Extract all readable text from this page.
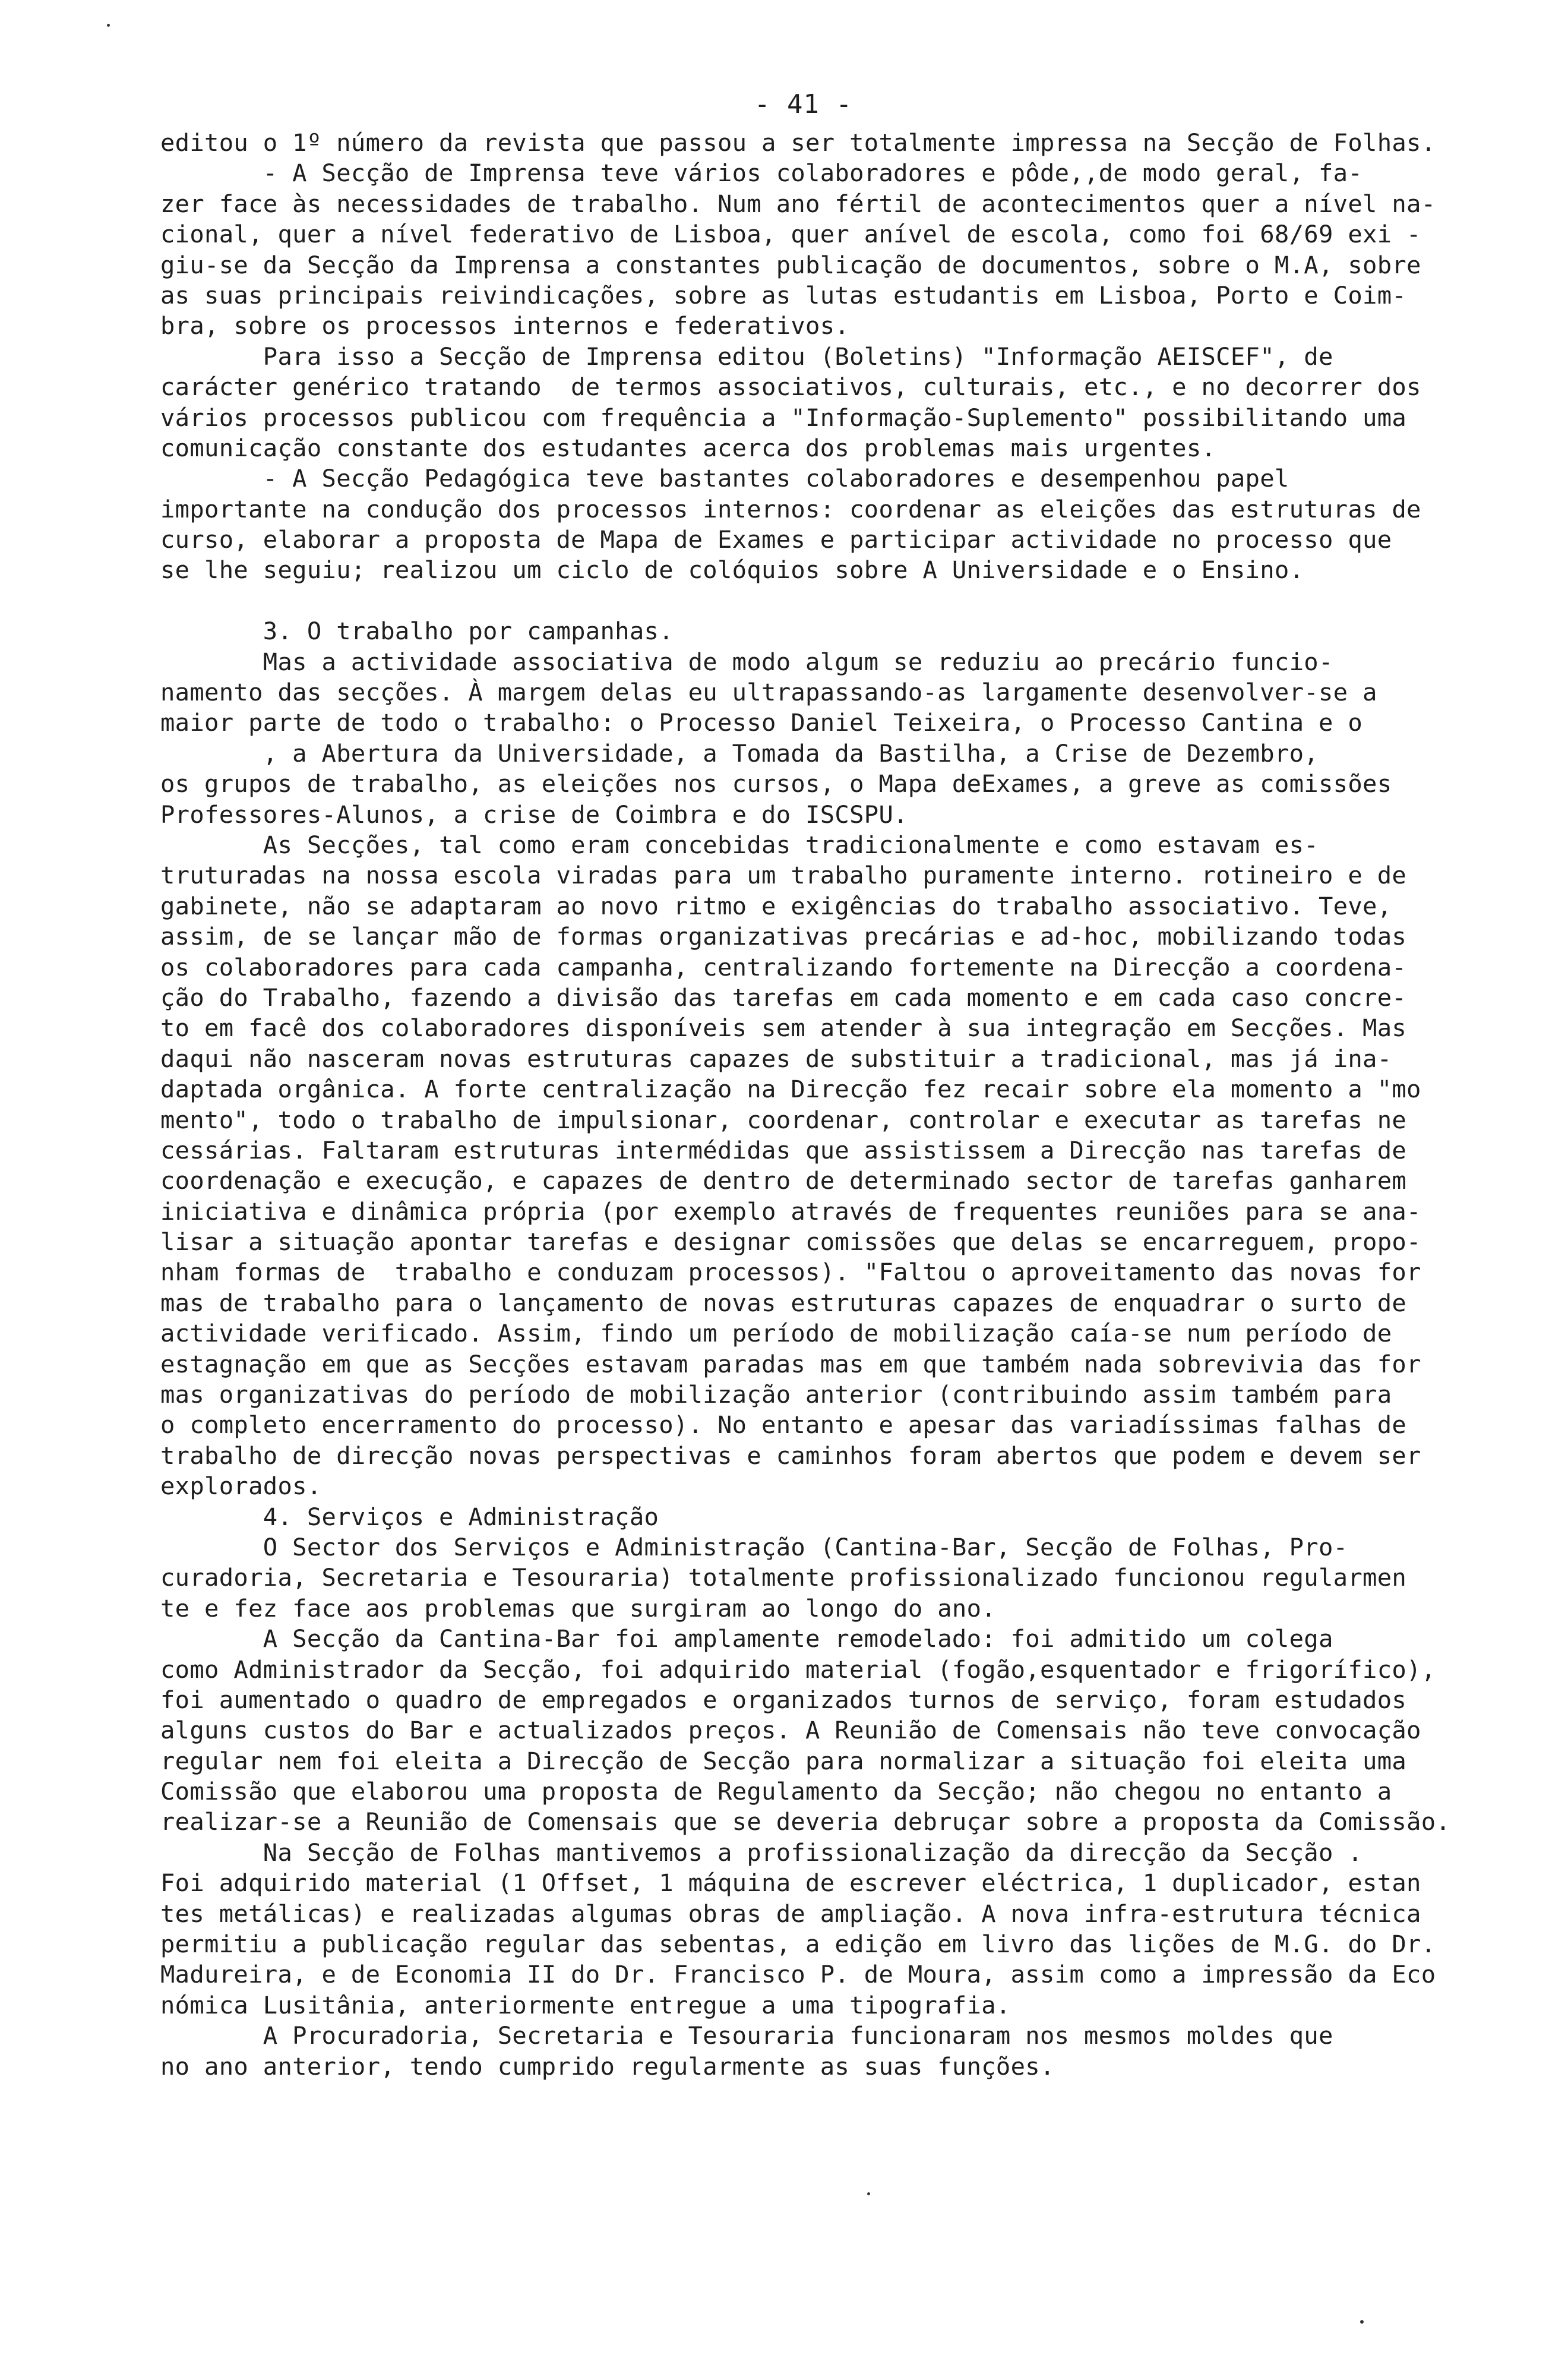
- 41 -
editou o 1º número da revista que passou a ser totalmente impressa na Secção de Folhas.
- A Secção de Imprensa teve vários colaboradores e pôde,,de modo geral, fa-
zer face às necessidades de trabalho. Num ano fértil de acontecimentos quer a nível na-
cional, quer a nível federativo de Lisboa, quer anível de escola, como foi 68/69 exi -
giu-se da Secção da Imprensa a constantes publicação de documentos, sobre o M.A, sobre
as suas principais reivindicações, sobre as lutas estudantis em Lisboa, Porto e Coim-
bra, sobre os processos internos e federativos.
Para isso a Secção de Imprensa editou (Boletins) "Informação AEISCEF", de
carácter genérico tratando  de termos associativos, culturais, etc., e no decorrer dos
vários processos publicou com frequência a "Informação-Suplemento" possibilitando uma
comunicação constante dos estudantes acerca dos problemas mais urgentes.
- A Secção Pedagógica teve bastantes colaboradores e desempenhou papel
importante na condução dos processos internos: coordenar as eleições das estruturas de
curso, elaborar a proposta de Mapa de Exames e participar actividade no processo que
se lhe seguiu; realizou um ciclo de colóquios sobre A Universidade e o Ensino.
3. O trabalho por campanhas.
Mas a actividade associativa de modo algum se reduziu ao precário funcio-
namento das secções. À margem delas eu ultrapassando-as largamente desenvolver-se a
maior parte de todo o trabalho: o Processo Daniel Teixeira, o Processo Cantina e o
, a Abertura da Universidade, a Tomada da Bastilha, a Crise de Dezembro,
os grupos de trabalho, as eleições nos cursos, o Mapa deExames, a greve as comissões
Professores-Alunos, a crise de Coimbra e do ISCSPU.
As Secções, tal como eram concebidas tradicionalmente e como estavam es-
truturadas na nossa escola viradas para um trabalho puramente interno. rotineiro e de
gabinete, não se adaptaram ao novo ritmo e exigências do trabalho associativo. Teve,
assim, de se lançar mão de formas organizativas precárias e ad-hoc, mobilizando todas
os colaboradores para cada campanha, centralizando fortemente na Direcção a coordena-
ção do Trabalho, fazendo a divisão das tarefas em cada momento e em cada caso concre-
to em facê dos colaboradores disponíveis sem atender à sua integração em Secções. Mas
daqui não nasceram novas estruturas capazes de substituir a tradicional, mas já ina-
daptada orgânica. A forte centralização na Direcção fez recair sobre ela momento a "mo
mento", todo o trabalho de impulsionar, coordenar, controlar e executar as tarefas ne
cessárias. Faltaram estruturas intermédidas que assistissem a Direcção nas tarefas de
coordenação e execução, e capazes de dentro de determinado sector de tarefas ganharem
iniciativa e dinâmica própria (por exemplo através de frequentes reuniões para se ana-
lisar a situação apontar tarefas e designar comissões que delas se encarreguem, propo-
nham formas de  trabalho e conduzam processos). "Faltou o aproveitamento das novas for
mas de trabalho para o lançamento de novas estruturas capazes de enquadrar o surto de
actividade verificado. Assim, findo um período de mobilização caía-se num período de
estagnação em que as Secções estavam paradas mas em que também nada sobrevivia das for
mas organizativas do período de mobilização anterior (contribuindo assim também para
o completo encerramento do processo). No entanto e apesar das variadíssimas falhas de
trabalho de direcção novas perspectivas e caminhos foram abertos que podem e devem ser
explorados.
4. Serviços e Administração
O Sector dos Serviços e Administração (Cantina-Bar, Secção de Folhas, Pro-
curadoria, Secretaria e Tesouraria) totalmente profissionalizado funcionou regularmen
te e fez face aos problemas que surgiram ao longo do ano.
A Secção da Cantina-Bar foi amplamente remodelado: foi admitido um colega
como Administrador da Secção, foi adquirido material (fogão,esquentador e frigorífico),
foi aumentado o quadro de empregados e organizados turnos de serviço, foram estudados
alguns custos do Bar e actualizados preços. A Reunião de Comensais não teve convocação
regular nem foi eleita a Direcção de Secção para normalizar a situação foi eleita uma
Comissão que elaborou uma proposta de Regulamento da Secção; não chegou no entanto a
realizar-se a Reunião de Comensais que se deveria debruçar sobre a proposta da Comissão.
Na Secção de Folhas mantivemos a profissionalização da direcção da Secção .
Foi adquirido material (1 Offset, 1 máquina de escrever eléctrica, 1 duplicador, estan
tes metálicas) e realizadas algumas obras de ampliação. A nova infra-estrutura técnica
permitiu a publicação regular das sebentas, a edição em livro das lições de M.G. do Dr.
Madureira, e de Economia II do Dr. Francisco P. de Moura, assim como a impressão da Eco
nómica Lusitânia, anteriormente entregue a uma tipografia.
A Procuradoria, Secretaria e Tesouraria funcionaram nos mesmos moldes que
no ano anterior, tendo cumprido regularmente as suas funções.
